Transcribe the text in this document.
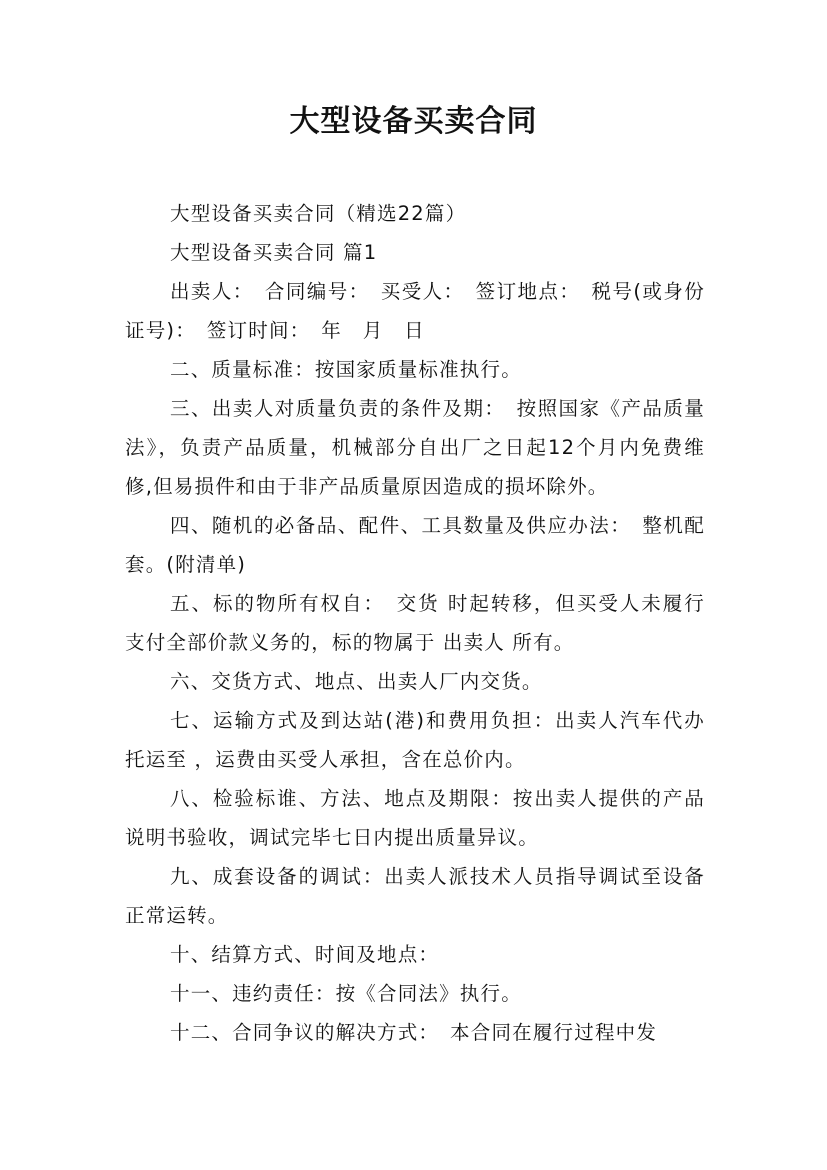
大型设备买卖合同

大型设备买卖合同（精选22篇）

大型设备买卖合同 篇1

出卖人：　合同编号：　买受人：　签订地点：　税号(或身份证号)：　签订时间：　年　月　日

二、质量标准：按国家质量标准执行。

三、出卖人对质量负责的条件及期：　按照国家《产品质量法》，负责产品质量，机械部分自出厂之日起12个月内免费维修,但易损件和由于非产品质量原因造成的损坏除外。

四、随机的必备品、配件、工具数量及供应办法：　整机配套。(附清单)

五、标的物所有权自：　交货 时起转移，但买受人未履行支付全部价款义务的，标的物属于 出卖人 所有。

六、交货方式、地点、出卖人厂内交货。

七、运输方式及到达站(港)和费用负担：出卖人汽车代办托运至 ，运费由买受人承担，含在总价内。

八、检验标谁、方法、地点及期限：按出卖人提供的产品说明书验收，调试完毕七日内提出质量异议。

九、成套设备的调试：出卖人派技术人员指导调试至设备正常运转。

十、结算方式、时间及地点：

十一、违约责任：按《合同法》执行。

十二、合同争议的解决方式：　本合同在履行过程中发
